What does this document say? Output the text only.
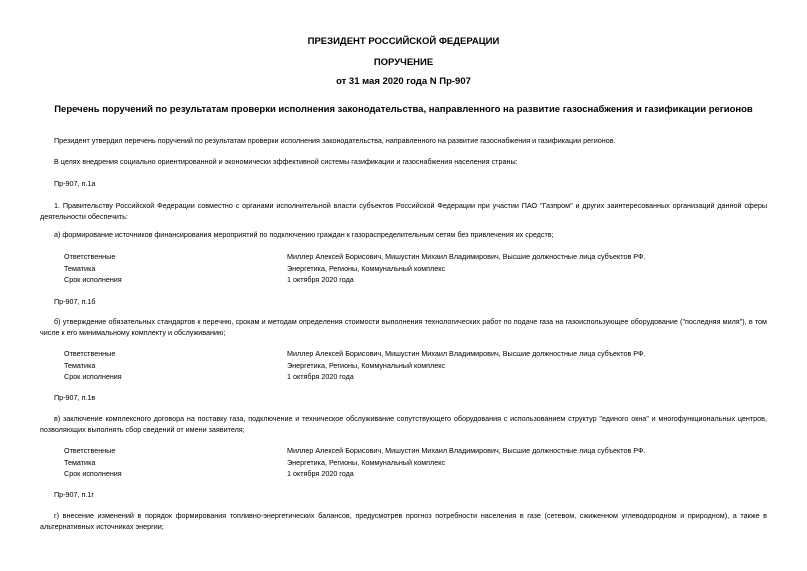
ПРЕЗИДЕНТ РОССИЙСКОЙ ФЕДЕРАЦИИ
ПОРУЧЕНИЕ
от 31 мая 2020 года N Пр-907
Перечень поручений по результатам проверки исполнения законодательства, направленного на развитие газоснабжения и газификации регионов
Президент утвердил перечень поручений по результатам проверки исполнения законодательства, направленного на развитие газоснабжения и газификации регионов.
В целях внедрения социально ориентированной и экономически эффективной системы газификации и газоснабжения населения страны:
Пр-907, п.1а
1. Правительству Российской Федерации совместно с органами исполнительной власти субъектов Российской Федерации при участии ПАО "Газпром" и других заинтересованных организаций данной сферы деятельности обеспечить:
а) формирование источников финансирования мероприятий по подключению граждан к газораспределительным сетям без привлечения их средств;
Ответственные	Миллер Алексей Борисович, Мишустин Михаил Владимирович, Высшие должностные лица субъектов РФ.
Тематика	Энергетика, Регионы, Коммунальный комплекс
Срок исполнения	1 октября 2020 года
Пр-907, п.1б
б) утверждение обязательных стандартов к перечню, срокам и методам определения стоимости выполнения технологических работ по подаче газа на газоиспользующее оборудование ("последняя миля"), в том числе к его минимальному комплекту и обслуживанию;
Ответственные	Миллер Алексей Борисович, Мишустин Михаил Владимирович, Высшие должностные лица субъектов РФ.
Тематика	Энергетика, Регионы, Коммунальный комплекс
Срок исполнения	1 октября 2020 года
Пр-907, п.1в
в) заключение комплексного договора на поставку газа, подключение и техническое обслуживание сопутствующего оборудования с использованием структур "единого окна" и многофункциональных центров, позволяющих выполнять сбор сведений от имени заявителя;
Ответственные	Миллер Алексей Борисович, Мишустин Михаил Владимирович, Высшие должностные лица субъектов РФ.
Тематика	Энергетика, Регионы, Коммунальный комплекс
Срок исполнения	1 октября 2020 года
Пр-907, п.1г
г) внесение изменений в порядок формирования топливно-энергетических балансов, предусмотрев прогноз потребности населения в газе (сетевом, сжиженном углеводородном и природном), а также в альтернативных источниках энергии;
